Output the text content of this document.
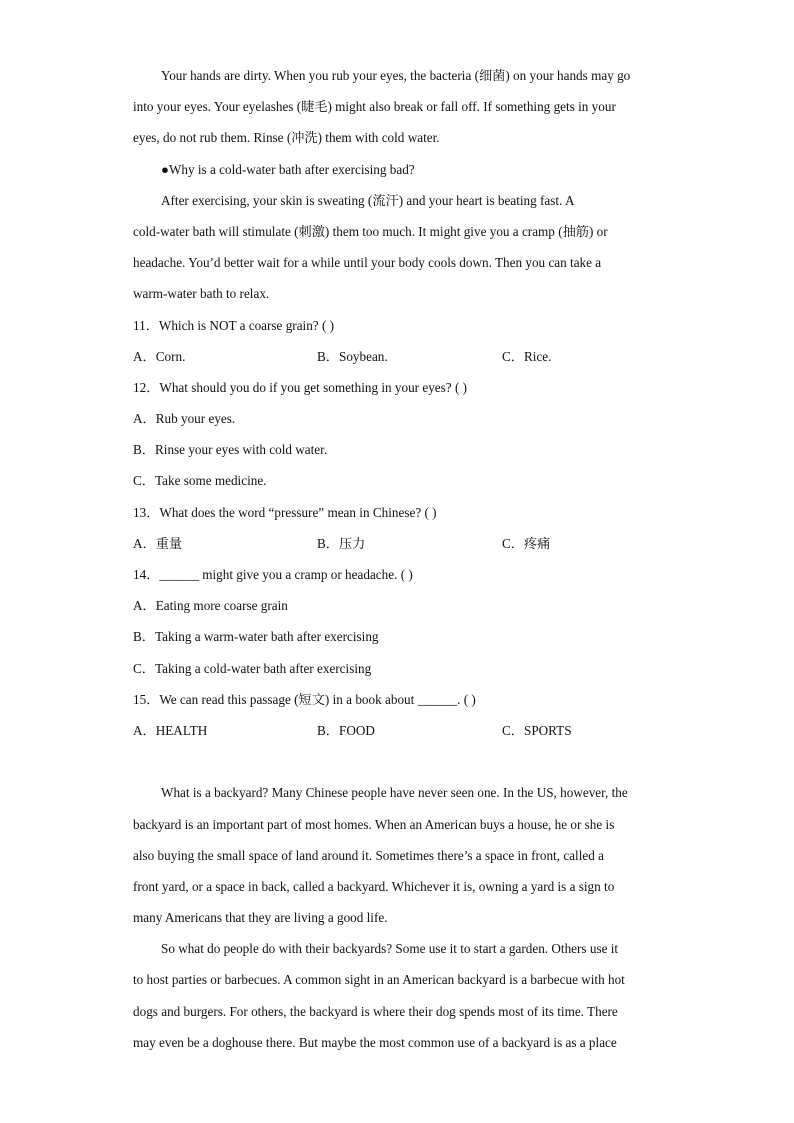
Your hands are dirty. When you rub your eyes, the bacteria (细菌) on your hands may go
into your eyes. Your eyelashes (睫毛) might also break or fall off. If something gets in your
eyes, do not rub them. Rinse (冲洗) them with cold water.
●Why is a cold-water bath after exercising bad?
After exercising, your skin is sweating (流汗) and your heart is beating fast. A
cold-water bath will stimulate (刺激) them too much. It might give you a cramp (抽筋) or
headache. You’d better wait for a while until your body cools down. Then you can take a
warm-water bath to relax.
11．Which is NOT a coarse grain? ( )
A．Corn.	B．Soybean.	C．Rice.
12．What should you do if you get something in your eyes? ( )
A．Rub your eyes.
B．Rinse your eyes with cold water.
C．Take some medicine.
13．What does the word “pressure” mean in Chinese? ( )
A．重量	B．压力	C．疼痛
14．______ might give you a cramp or headache. ( )
A．Eating more coarse grain
B．Taking a warm-water bath after exercising
C．Taking a cold-water bath after exercising
15．We can read this passage (短文) in a book about ______. ( )
A．HEALTH	B．FOOD	C．SPORTS
What is a backyard? Many Chinese people have never seen one. In the US, however, the
backyard is an important part of most homes. When an American buys a house, he or she is
also buying the small space of land around it. Sometimes there’s a space in front, called a
front yard, or a space in back, called a backyard. Whichever it is, owning a yard is a sign to
many Americans that they are living a good life.
So what do people do with their backyards? Some use it to start a garden. Others use it
to host parties or barbecues. A common sight in an American backyard is a barbecue with hot
dogs and burgers. For others, the backyard is where their dog spends most of its time. There
may even be a doghouse there. But maybe the most common use of a backyard is as a place
